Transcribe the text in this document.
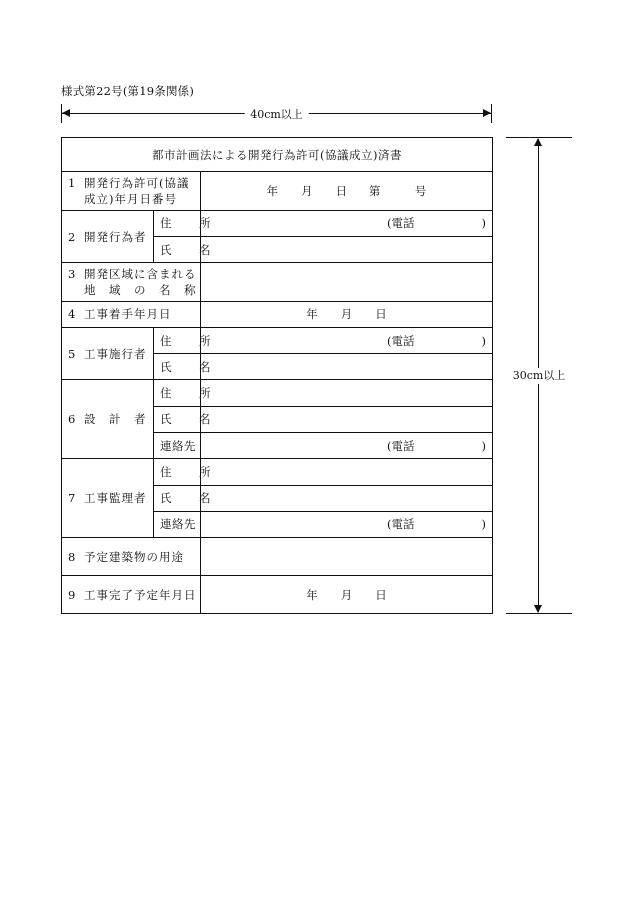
様式第22号(第19条関係)
40cm以上
30cm以上
都市計画法による開発行為許可(協議成立)済書		
1 開発行為許可(協議
成立)年月日番号		年　　月　　日 第　　　号
2 開発行為者	住　所	(電話 )

	氏　名	
3 開発区域に含まれる
地　域　の　名　称		
4 工事着手年月日		年　　月　　日
5 工事施行者	住　所	(電話 )

	氏　名	
6 設　計　者	住　所	
	氏　名	
	連絡先	(電話 )

7 工事監理者	住　所	
	氏　名	
	連絡先	(電話 )

8 予定建築物の用途		
9 工事完了予定年月日		年　　月　　日
